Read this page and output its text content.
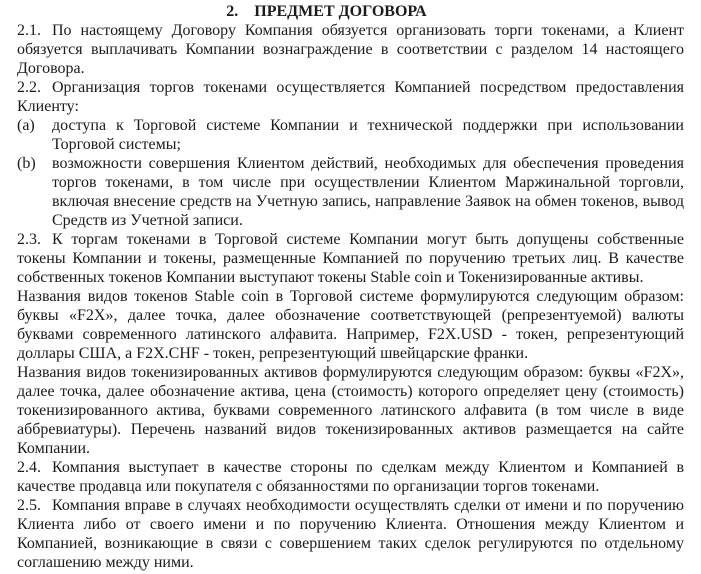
2. ПРЕДМЕТ ДОГОВОРА

2.1. По настоящему Договору Компания обязуется организовать торги токенами, а Клиент обязуется выплачивать Компании вознаграждение в соответствии с разделом 14 настоящего Договора.

2.2. Организация торгов токенами осуществляется Компанией посредством предоставления Клиенту:

(a) доступа к Торговой системе Компании и технической поддержки при использовании Торговой системы;

(b) возможности совершения Клиентом действий, необходимых для обеспечения проведения торгов токенами, в том числе при осуществлении Клиентом Маржинальной торговли, включая внесение средств на Учетную запись, направление Заявок на обмен токенов, вывод Средств из Учетной записи.

2.3. К торгам токенами в Торговой системе Компании могут быть допущены собственные токены Компании и токены, размещенные Компанией по поручению третьих лиц. В качестве собственных токенов Компании выступают токены Stable coin и Токенизированные активы.

Названия видов токенов Stable coin в Торговой системе формулируются следующим образом: буквы «F2X», далее точка, далее обозначение соответствующей (репрезентуемой) валюты буквами современного латинского алфавита. Например, F2X.USD - токен, репрезентующий доллары США, а F2X.CHF - токен, репрезентующий швейцарские франки.

Названия видов токенизированных активов формулируются следующим образом: буквы «F2X», далее точка, далее обозначение актива, цена (стоимость) которого определяет цену (стоимость) токенизированного актива, буквами современного латинского алфавита (в том числе в виде аббревиатуры). Перечень названий видов токенизированных активов размещается на сайте Компании.

2.4. Компания выступает в качестве стороны по сделкам между Клиентом и Компанией в качестве продавца или покупателя с обязанностями по организации торгов токенами.

2.5. Компания вправе в случаях необходимости осуществлять сделки от имени и по поручению Клиента либо от своего имени и по поручению Клиента. Отношения между Клиентом и Компанией, возникающие в связи с совершением таких сделок регулируются по отдельному соглашению между ними.
